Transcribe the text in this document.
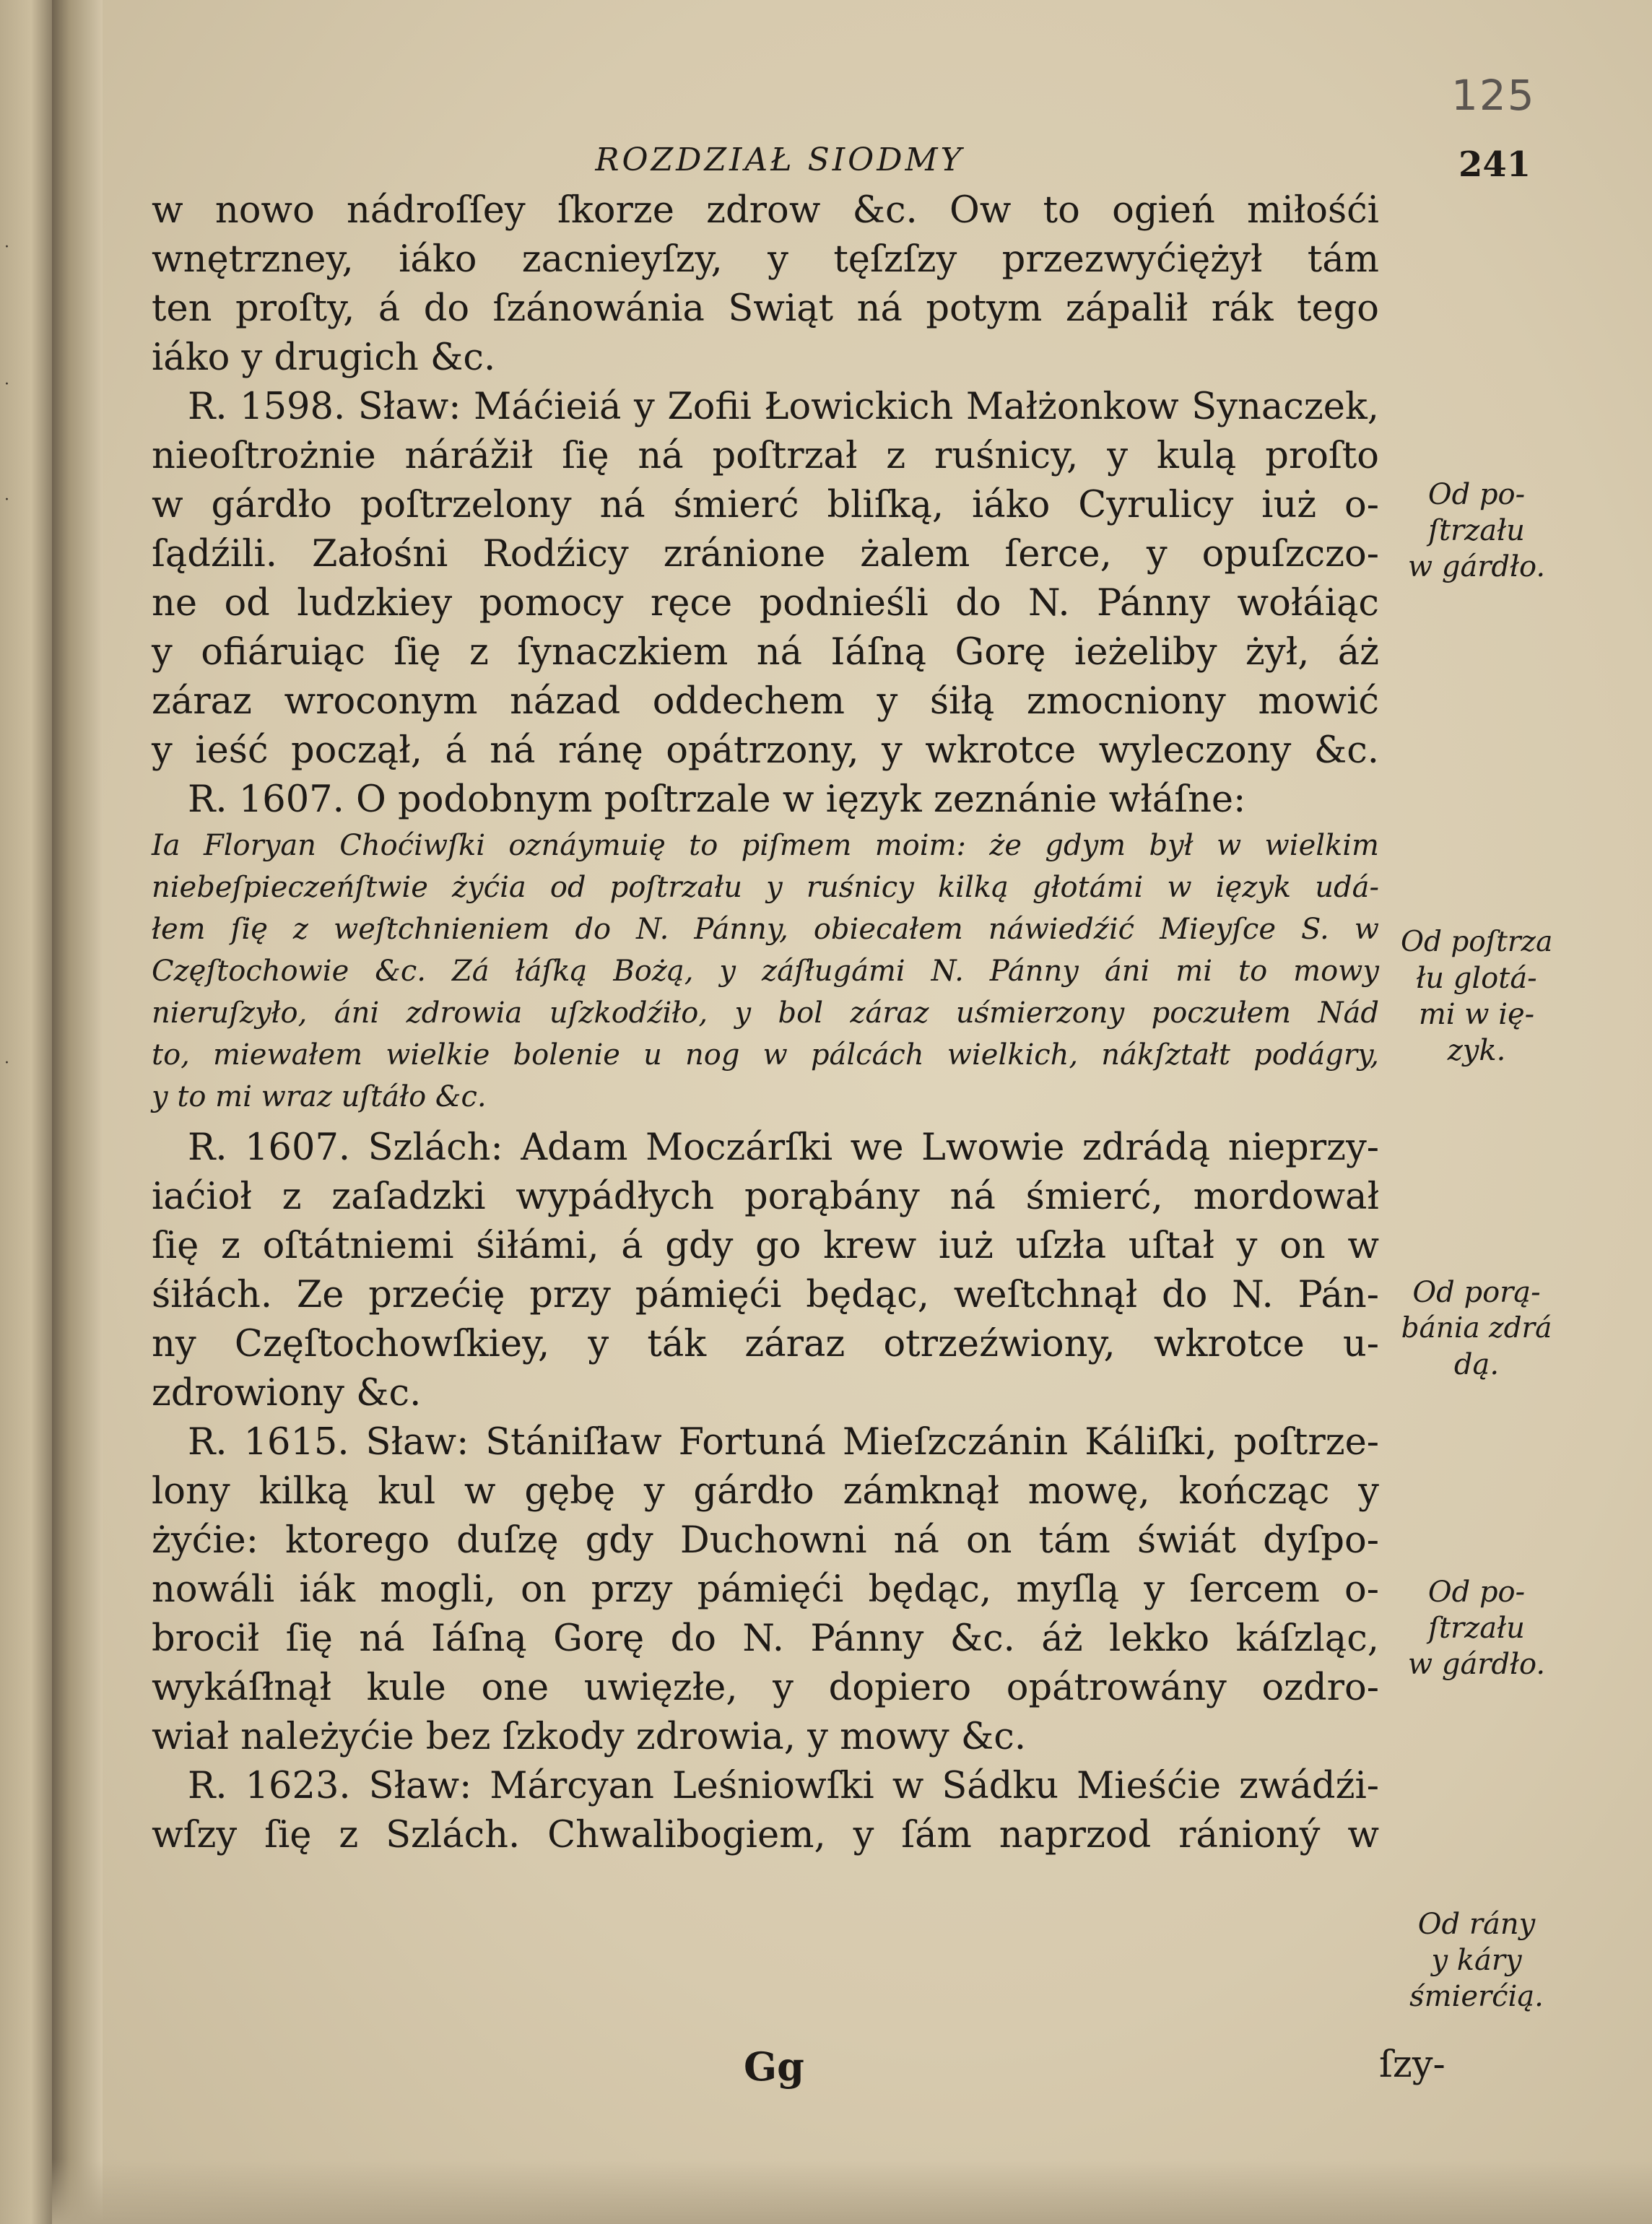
·
·
·
·
125
ROZDZIAŁ SIODMY	241
w nowo nádroſſey ſkorze zdrow &c. Ow to ogień miłośći
wnętrzney, iáko zacnieyſzy, y tęſzſzy przezwyćiężył tám
ten proſty, á do ſzánowánia Swiąt ná potym zápalił rák tego
iáko y drugich &c.
R. 1598. Sław: Máćieiá y Zofii Łowickich Małżonkow Synaczek,
nieoſtrożnie nárážił ſię ná poſtrzał z ruśnicy, y kulą proſto
w gárdło poſtrzelony ná śmierć bliſką, iáko Cyrulicy iuż o-
ſądźili. Załośni Rodźicy zránione żalem ſerce, y opuſzczo-
ne od ludzkiey pomocy ręce podnieśli do N. Pánny wołáiąc
y ofiáruiąc ſię z ſynaczkiem ná Iáſną Gorę ieżeliby żył, áż
záraz wroconym názad oddechem y śiłą zmocniony mowić
y ieść począł, á ná ránę opátrzony, y wkrotce wyleczony &c.
R. 1607. O podobnym poſtrzale w ięzyk zeznánie włáſne:
Ia Floryan Choćiwſki oznáymuię to piſmem moim: że gdym był w wielkim
niebeſpieczeńſtwie żyćia od poſtrzału y ruśnicy kilką głotámi w ięzyk udá-
łem ſię z weſtchnieniem do N. Pánny, obiecałem náwiedźić Mieyſce S. w
Częſtochowie &c. Zá łáſką Bożą, y záſługámi N. Pánny áni mi to mowy
nieruſzyło, áni zdrowia uſzkodźiło, y bol záraz uśmierzony poczułem Nád
to, miewałem wielkie bolenie u nog w pálcách wielkich, nákſztałt podágry,
y to mi wraz uſtáło &c.
R. 1607. Szlách: Adam Moczárſki we Lwowie zdrádą nieprzy-
iaćioł z zaſadzki wypádłych porąbány ná śmierć, mordował
ſię z oſtátniemi śiłámi, á gdy go krew iuż uſzła uſtał y on w
śiłách. Ze przećię przy pámięći będąc, weſtchnął do N. Pán-
ny Częſtochowſkiey, y ták záraz otrzeźwiony, wkrotce u-
zdrowiony &c.
R. 1615. Sław: Stániſław Fortuná Mieſzczánin Káliſki, poſtrze-
lony kilką kul w gębę y gárdło zámknął mowę, kończąc y
żyćie: ktorego duſzę gdy Duchowni ná on tám świát dyſpo-
nowáli iák mogli, on przy pámięći będąc, myſlą y ſercem o-
brocił ſię ná Iáſną Gorę do N. Pánny &c. áż lekko káſzląc,
wykáſłnął kule one uwięzłe, y dopiero opátrowány ozdro-
wiał należyćie bez ſzkody zdrowia, y mowy &c.
R. 1623. Sław: Márcyan Leśniowſki w Sádku Mieśćie zwádźi-
wſzy ſię z Szlách. Chwalibogiem, y ſám naprzod ránioný w
Gg	ſzy-
Od po-
ſtrzału
w gárdło.
Od poſtrza
łu glotá-
mi w ię-
zyk.
Od porą-
bánia zdrá
dą.
Od po-
ſtrzału
w gárdło.
Od rány
y káry
śmierćią.
